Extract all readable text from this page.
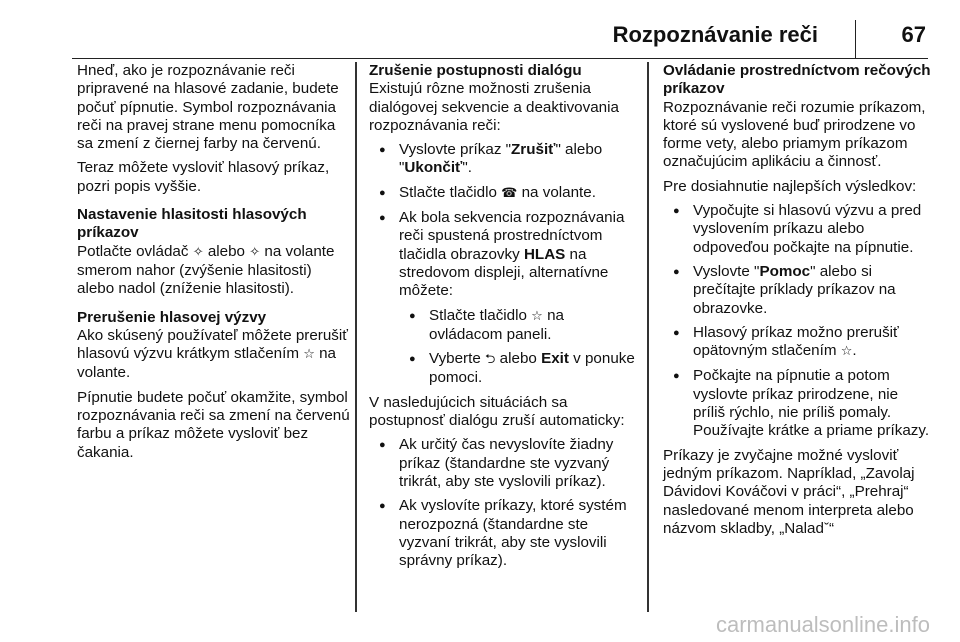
Rozpoznávanie reči	67

Hneď, ako je rozpoznávanie reči pripravené na hlasové zadanie, budete počuť pípnutie. Symbol rozpoznávania reči na pravej strane menu pomocníka sa zmení z čiernej farby na červenú.

Teraz môžete vysloviť hlasový príkaz, pozri popis vyššie.

Nastavenie hlasitosti hlasových príkazov

Potlačte ovládač ✧ alebo ✧ na volante smerom nahor (zvýšenie hlasitosti) alebo nadol (zníženie hlasitosti).

Prerušenie hlasovej výzvy

Ako skúsený používateľ môžete prerušiť hlasovú výzvu krátkym stlačením ☆ na volante.

Pípnutie budete počuť okamžite, symbol rozpoznávania reči sa zmení na červenú farbu a príkaz môžete vysloviť bez čakania.

Zrušenie postupnosti dialógu

Existujú rôzne možnosti zrušenia dialógovej sekvencie a deaktivovania rozpoznávania reči:

● Vyslovte príkaz "Zrušiť" alebo "Ukončiť".
● Stlačte tlačidlo ☎ na volante.
● Ak bola sekvencia rozpoznávania reči spustená prostredníctvom tlačidla obrazovky HLAS na stredovom displeji, alternatívne môžete:
● Stlačte tlačidlo ☆ na ovládacom paneli.
● Vyberte ⮌ alebo Exit v ponuke pomoci.

V nasledujúcich situáciách sa postupnosť dialógu zruší automaticky:

● Ak určitý čas nevyslovíte žiadny príkaz (štandardne ste vyzvaný trikrát, aby ste vyslovili príkaz).
● Ak vyslovíte príkazy, ktoré systém nerozpozná (štandardne ste vyzvaní trikrát, aby ste vyslovili správny príkaz).
Ovládanie prostredníctvom rečových príkazov

Rozpoznávanie reči rozumie príkazom, ktoré sú vyslovené buď prirodzene vo forme vety, alebo priamym príkazom označujúcim aplikáciu a činnosť.

Pre dosiahnutie najlepších výsledkov:

● Vypočujte si hlasovú výzvu a pred vyslovením príkazu alebo odpoveďou počkajte na pípnutie.
● Vyslovte "Pomoc" alebo si prečítajte príklady príkazov na obrazovke.
● Hlasový príkaz možno prerušiť opätovným stlačením ☆.
● Počkajte na pípnutie a potom vyslovte príkaz prirodzene, nie príliš rýchlo, nie príliš pomaly. Používajte krátke a priame príkazy.

Príkazy je zvyčajne možné vysloviť jedným príkazom. Napríklad, „Zavolaj Dávidovi Kováčovi v práci“, „Prehraj“ nasledované menom interpreta alebo názvom skladby, „Naladˇ“

carmanualsonline.info
